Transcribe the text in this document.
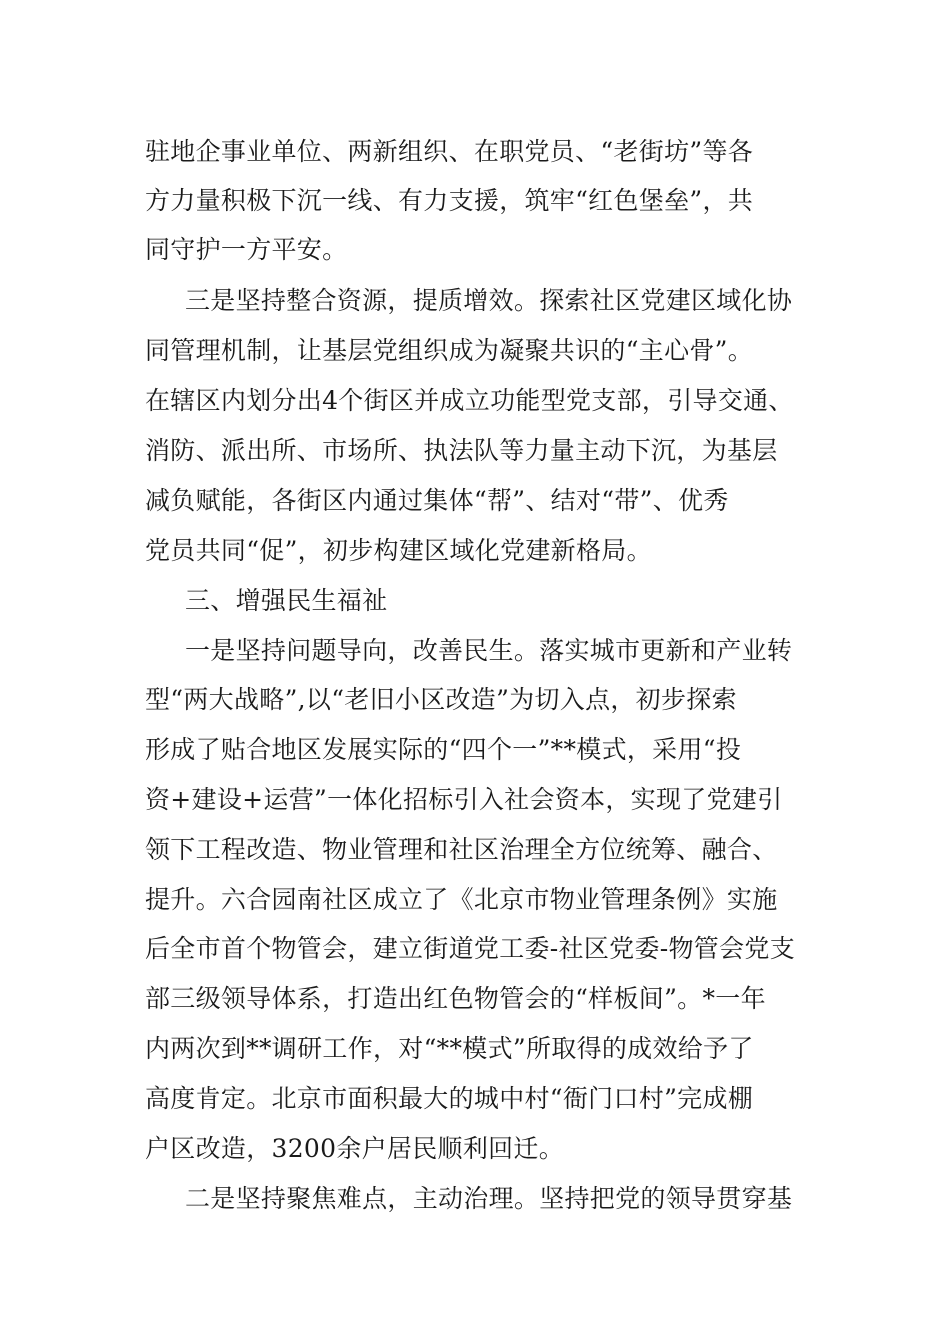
驻地企事业单位、两新组织、在职党员、“老街坊”等各
方力量积极下沉一线、有力支援，筑牢“红色堡垒”，共
同守护一方平安。
三是坚持整合资源，提质增效。探索社区党建区域化协
同管理机制，让基层党组织成为凝聚共识的“主心骨”。
在辖区内划分出4个街区并成立功能型党支部，引导交通、
消防、派出所、市场所、执法队等力量主动下沉，为基层
减负赋能，各街区内通过集体“帮”、结对“带”、优秀
党员共同“促”，初步构建区域化党建新格局。
三、增强民生福祉
一是坚持问题导向，改善民生。落实城市更新和产业转
型“两大战略”,以“老旧小区改造”为切入点，初步探索
形成了贴合地区发展实际的“四个一”**模式，采用“投
资+建设+运营”一体化招标引入社会资本，实现了党建引
领下工程改造、物业管理和社区治理全方位统筹、融合、
提升。六合园南社区成立了《北京市物业管理条例》实施
后全市首个物管会，建立街道党工委-社区党委-物管会党支
部三级领导体系，打造出红色物管会的“样板间”。*一年
内两次到**调研工作，对“**模式”所取得的成效给予了
高度肯定。北京市面积最大的城中村“衙门口村”完成棚
户区改造，3200余户居民顺利回迁。
二是坚持聚焦难点，主动治理。坚持把党的领导贯穿基
